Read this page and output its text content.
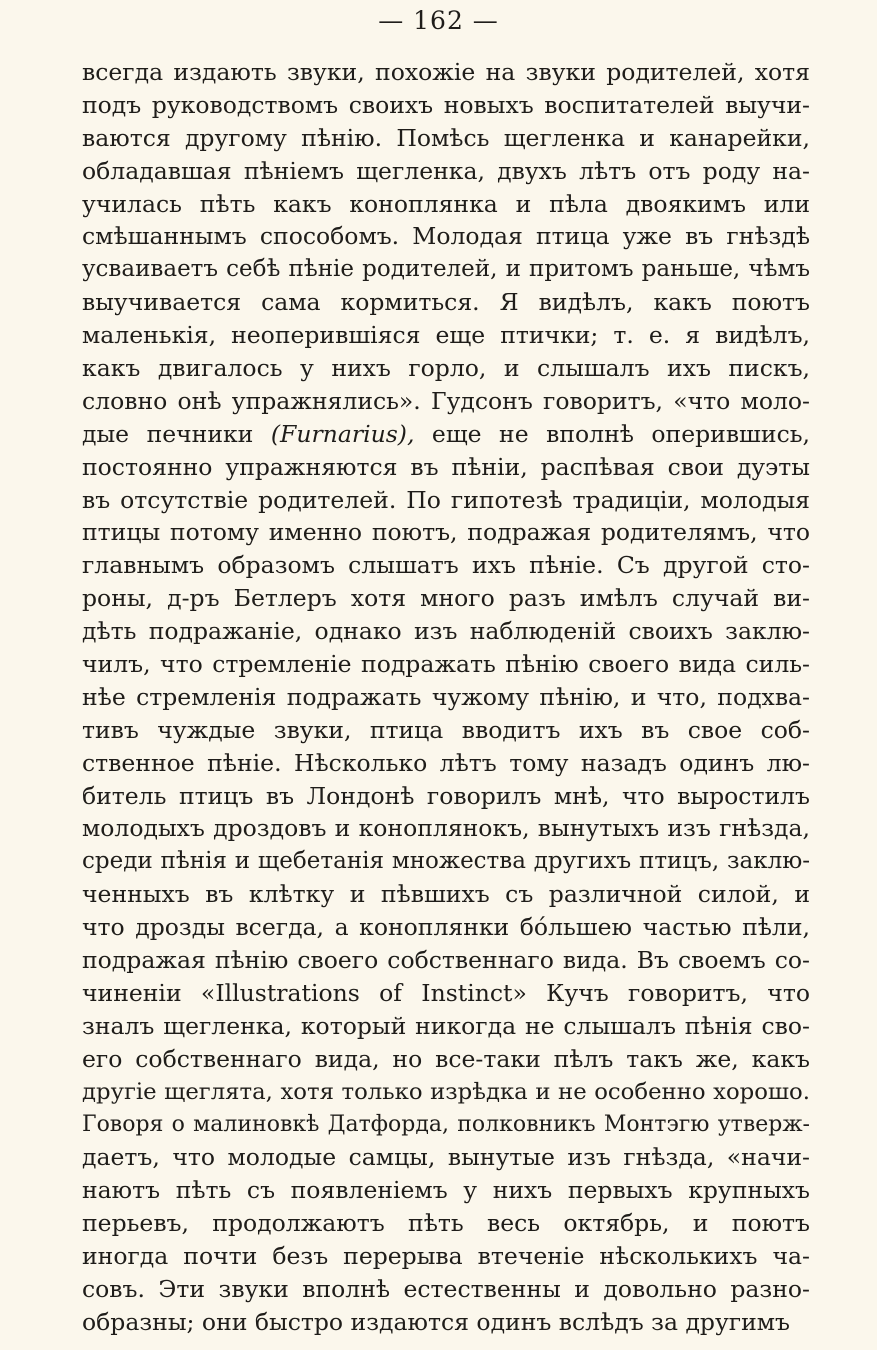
— 162 —
всегда издають звуки, похожіе на звуки родителей, хотя
подъ руководствомъ своихъ новыхъ воспитателей выучи-
ваются другому пѣнію. Помѣсь щегленка и канарейки,
обладавшая пѣніемъ щегленка, двухъ лѣтъ отъ роду на-
училась пѣть какъ коноплянка и пѣла двоякимъ или
смѣшаннымъ способомъ. Молодая птица уже въ гнѣздѣ
усваиваетъ себѣ пѣніе родителей, и притомъ раньше, чѣмъ
выучивается сама кормиться. Я видѣлъ, какъ поютъ
маленькія, неоперившіяся еще птички; т. е. я видѣлъ,
какъ двигалось у нихъ горло, и слышалъ ихъ пискъ,
словно онѣ упражнялись». Гудсонъ говоритъ, «что моло-
дые печники (Furnarius), еще не вполнѣ оперившись,
постоянно упражняются въ пѣніи, распѣвая свои дуэты
въ отсутствіе родителей. По гипотезѣ традиціи, молодыя
птицы потому именно поютъ, подражая родителямъ, что
главнымъ образомъ слышатъ ихъ пѣніе. Съ другой сто-
роны, д-ръ Бетлеръ хотя много разъ имѣлъ случай ви-
дѣть подражаніе, однако изъ наблюденій своихъ заклю-
чилъ, что стремленіе подражать пѣнію своего вида силь-
нѣе стремленія подражать чужому пѣнію, и что, подхва-
тивъ чуждые звуки, птица вводитъ ихъ въ свое соб-
ственное пѣніе. Нѣсколько лѣтъ тому назадъ одинъ лю-
битель птицъ въ Лондонѣ говорилъ мнѣ, что выростилъ
молодыхъ дроздовъ и коноплянокъ, вынутыхъ изъ гнѣзда,
среди пѣнія и щебетанія множества другихъ птицъ, заклю-
ченныхъ въ клѣтку и пѣвшихъ съ различной силой, и
что дрозды всегда, а коноплянки бо́льшею частью пѣли,
подражая пѣнію своего собственнаго вида. Въ своемъ со-
чиненіи «Illustrations of Instinct» Кучъ говоритъ, что
зналъ щегленка, который никогда не слышалъ пѣнія сво-
его собственнаго вида, но все-таки пѣлъ такъ же, какъ
другіе щеглята, хотя только изрѣдка и не особенно хорошо.
Говоря о малиновкѣ Датфорда, полковникъ Монтэгю утверж-
даетъ, что молодые самцы, вынутые изъ гнѣзда, «начи-
наютъ пѣть съ появленіемъ у нихъ первыхъ крупныхъ
перьевъ, продолжаютъ пѣть весь октябрь, и поютъ
иногда почти безъ перерыва втеченіе нѣсколькихъ ча-
совъ. Эти звуки вполнѣ естественны и довольно разно-
образны; они быстро издаются одинъ вслѣдъ за другимъ
